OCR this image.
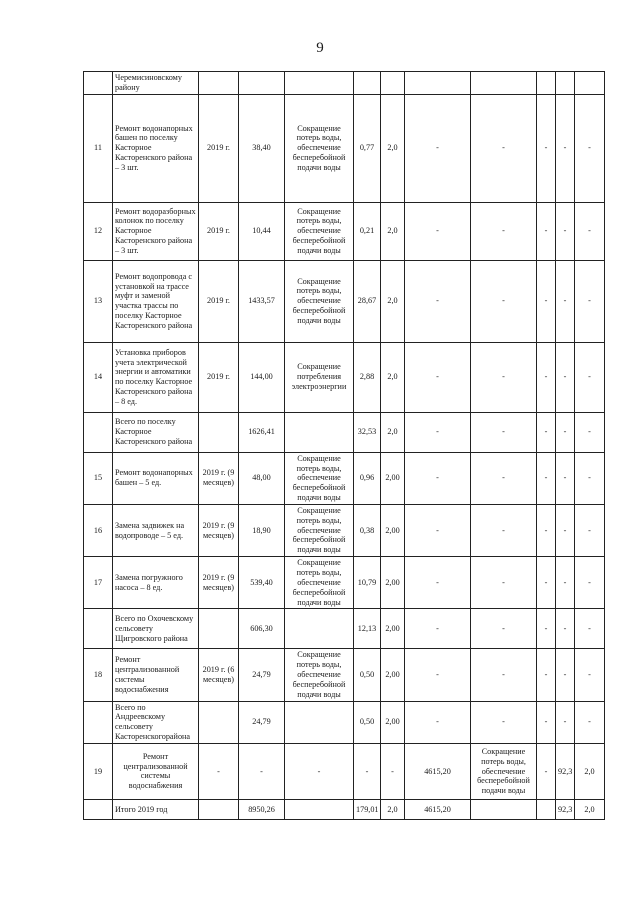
9
	Черемисиновскому району										
11	Ремонт водонапорных башен по поселку Касторное Касторенского района – 3 шт.	2019 г.	38,40	Сокращение потерь воды, обеспечение бесперебойной подачи воды	0,77	2,0	-	-	-	-	-
12	Ремонт водоразборных колонок по поселку Касторное Касторенского района – 3 шт.	2019 г.	10,44	Сокращение потерь воды, обеспечение бесперебойной подачи воды	0,21	2,0	-	-	-	-	-
13	Ремонт водопровода с установкой на трассе муфт и заменой участка трассы по поселку Касторное Касторенского района	2019 г.	1433,57	Сокращение потерь воды, обеспечение бесперебойной подачи воды	28,67	2,0	-	-	-	-	-
14	Установка приборов учета электрической энергии и автоматики по поселку Касторное Касторенского района – 8 ед.	2019 г.	144,00	Сокращение потребления электроэнергии	2,88	2,0	-	-	-	-	-
	Всего по поселку Касторное Касторенского района		1626,41		32,53	2,0	-	-	-	-	-
15	Ремонт водонапорных башен – 5 ед.	2019 г. (9 месяцев)	48,00	Сокращение потерь воды, обеспечение бесперебойной подачи воды	0,96	2,00	-	-	-	-	-
16	Замена задвижек на водопроводе – 5 ед.	2019 г. (9 месяцев)	18,90	Сокращение потерь воды, обеспечение бесперебойной подачи воды	0,38	2,00	-	-	-	-	-
17	Замена погружного насоса – 8 ед.	2019 г. (9 месяцев)	539,40	Сокращение потерь воды, обеспечение бесперебойной подачи воды	10,79	2,00	-	-	-	-	-
	Всего по Охочевскому сельсовету Щигровского района		606,30		12,13	2,00	-	-	-	-	-
18	Ремонт централизованной системы водоснабжения	2019 г. (6 месяцев)	24,79	Сокращение потерь воды, обеспечение бесперебойной подачи воды	0,50	2,00	-	-	-	-	-
	Всего по Андреевскому сельсовету Касторенскогорайона		24,79		0,50	2,00	-	-	-	-	-
19	Ремонт централизованной системы водоснабжения	-	-	-	-	-	4615,20	Сокращение потерь воды, обеспечение бесперебойной подачи воды	-	92,3	2,0
	Итого 2019 год		8950,26		179,01	2,0	4615,20			92,3	2,0
